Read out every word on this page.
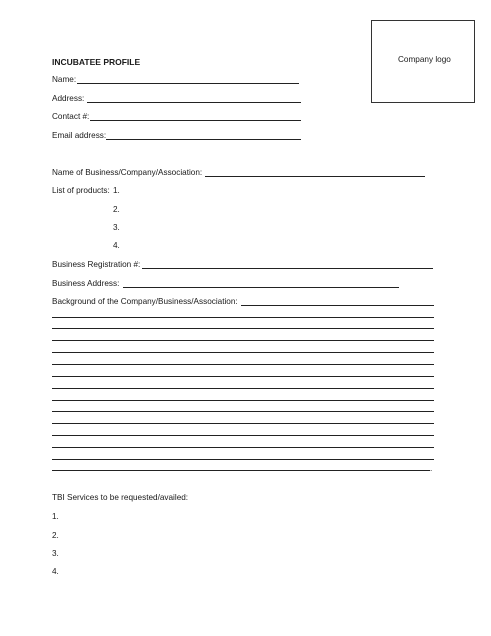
INCUBATEE PROFILE	Company logo
Name:
Address:
Contact #:
Email address:
Name of Business/Company/Association:
List of products: 1.
2.
3.
4.
Business Registration #:
Business Address:
Background of the Company/Business/Association:
.
TBI Services to be requested/availed:
1.
2.
3.
4.
